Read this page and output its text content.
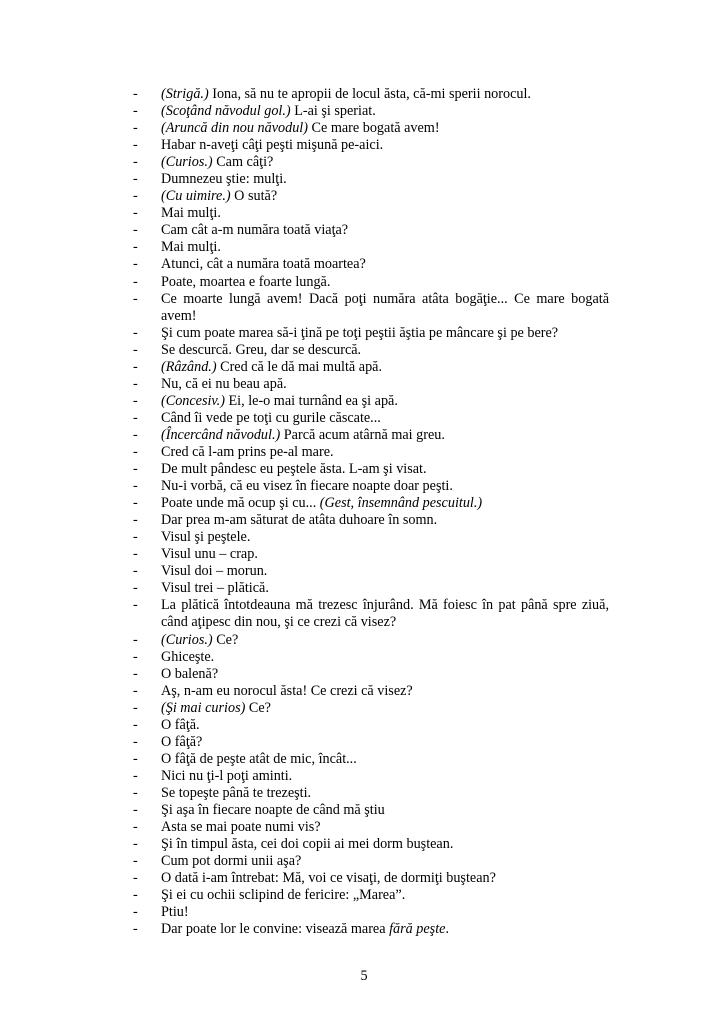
- (Strigă.) Iona, să nu te apropii de locul ăsta, că-mi sperii norocul.
- (Scoţând năvodul gol.) L-ai şi speriat.
- (Aruncă din nou năvodul) Ce mare bogată avem!
- Habar n-aveţi câţi peşti mişună pe-aici.
- (Curios.) Cam câţi?
- Dumnezeu ştie: mulţi.
- (Cu uimire.) O sută?
- Mai mulţi.
- Cam cât a-m număra toată viaţa?
- Mai mulţi.
- Atunci, cât a număra toată moartea?
- Poate, moartea e foarte lungă.
- Ce moarte lungă avem! Dacă poţi număra atâta bogăţie... Ce mare bogată avem!
- Şi cum poate marea să-i ţină pe toţi peştii ăştia pe mâncare şi pe bere?
- Se descurcă. Greu, dar se descurcă.
- (Râzând.) Cred că le dă mai multă apă.
- Nu, că ei nu beau apă.
- (Concesiv.) Ei, le-o mai turnând ea şi apă.
- Când îi vede pe toţi cu gurile căscate...
- (Încercând năvodul.) Parcă acum atârnă mai greu.
- Cred că l-am prins pe-al mare.
- De mult pândesc eu peştele ăsta. L-am şi visat.
- Nu-i vorbă, că eu visez în fiecare noapte doar peşti.
- Poate unde mă ocup şi cu... (Gest, însemnând pescuitul.)
- Dar prea m-am săturat de atâta duhoare în somn.
- Visul şi peştele.
- Visul unu – crap.
- Visul doi – morun.
- Visul trei – plătică.
- La plătică întotdeauna mă trezesc înjurând. Mă foiesc în pat până spre ziuă, când aţipesc din nou, şi ce crezi că visez?
- (Curios.) Ce?
- Ghiceşte.
- O balenă?
- Aş, n-am eu norocul ăsta! Ce crezi că visez?
- (Şi mai curios) Ce?
- O fâţă.
- O fâţă?
- O fâţă de peşte atât de mic, încât...
- Nici nu ţi-l poţi aminti.
- Se topeşte până te trezeşti.
- Şi aşa în fiecare noapte de când mă ştiu
- Asta se mai poate numi vis?
- Şi în timpul ăsta, cei doi copii ai mei dorm buştean.
- Cum pot dormi unii aşa?
- O dată i-am întrebat: Mă, voi ce visaţi, de dormiţi buştean?
- Şi ei cu ochii sclipind de fericire: „Marea”.
- Ptiu!
- Dar poate lor le convine: visează marea fără peşte.
5
